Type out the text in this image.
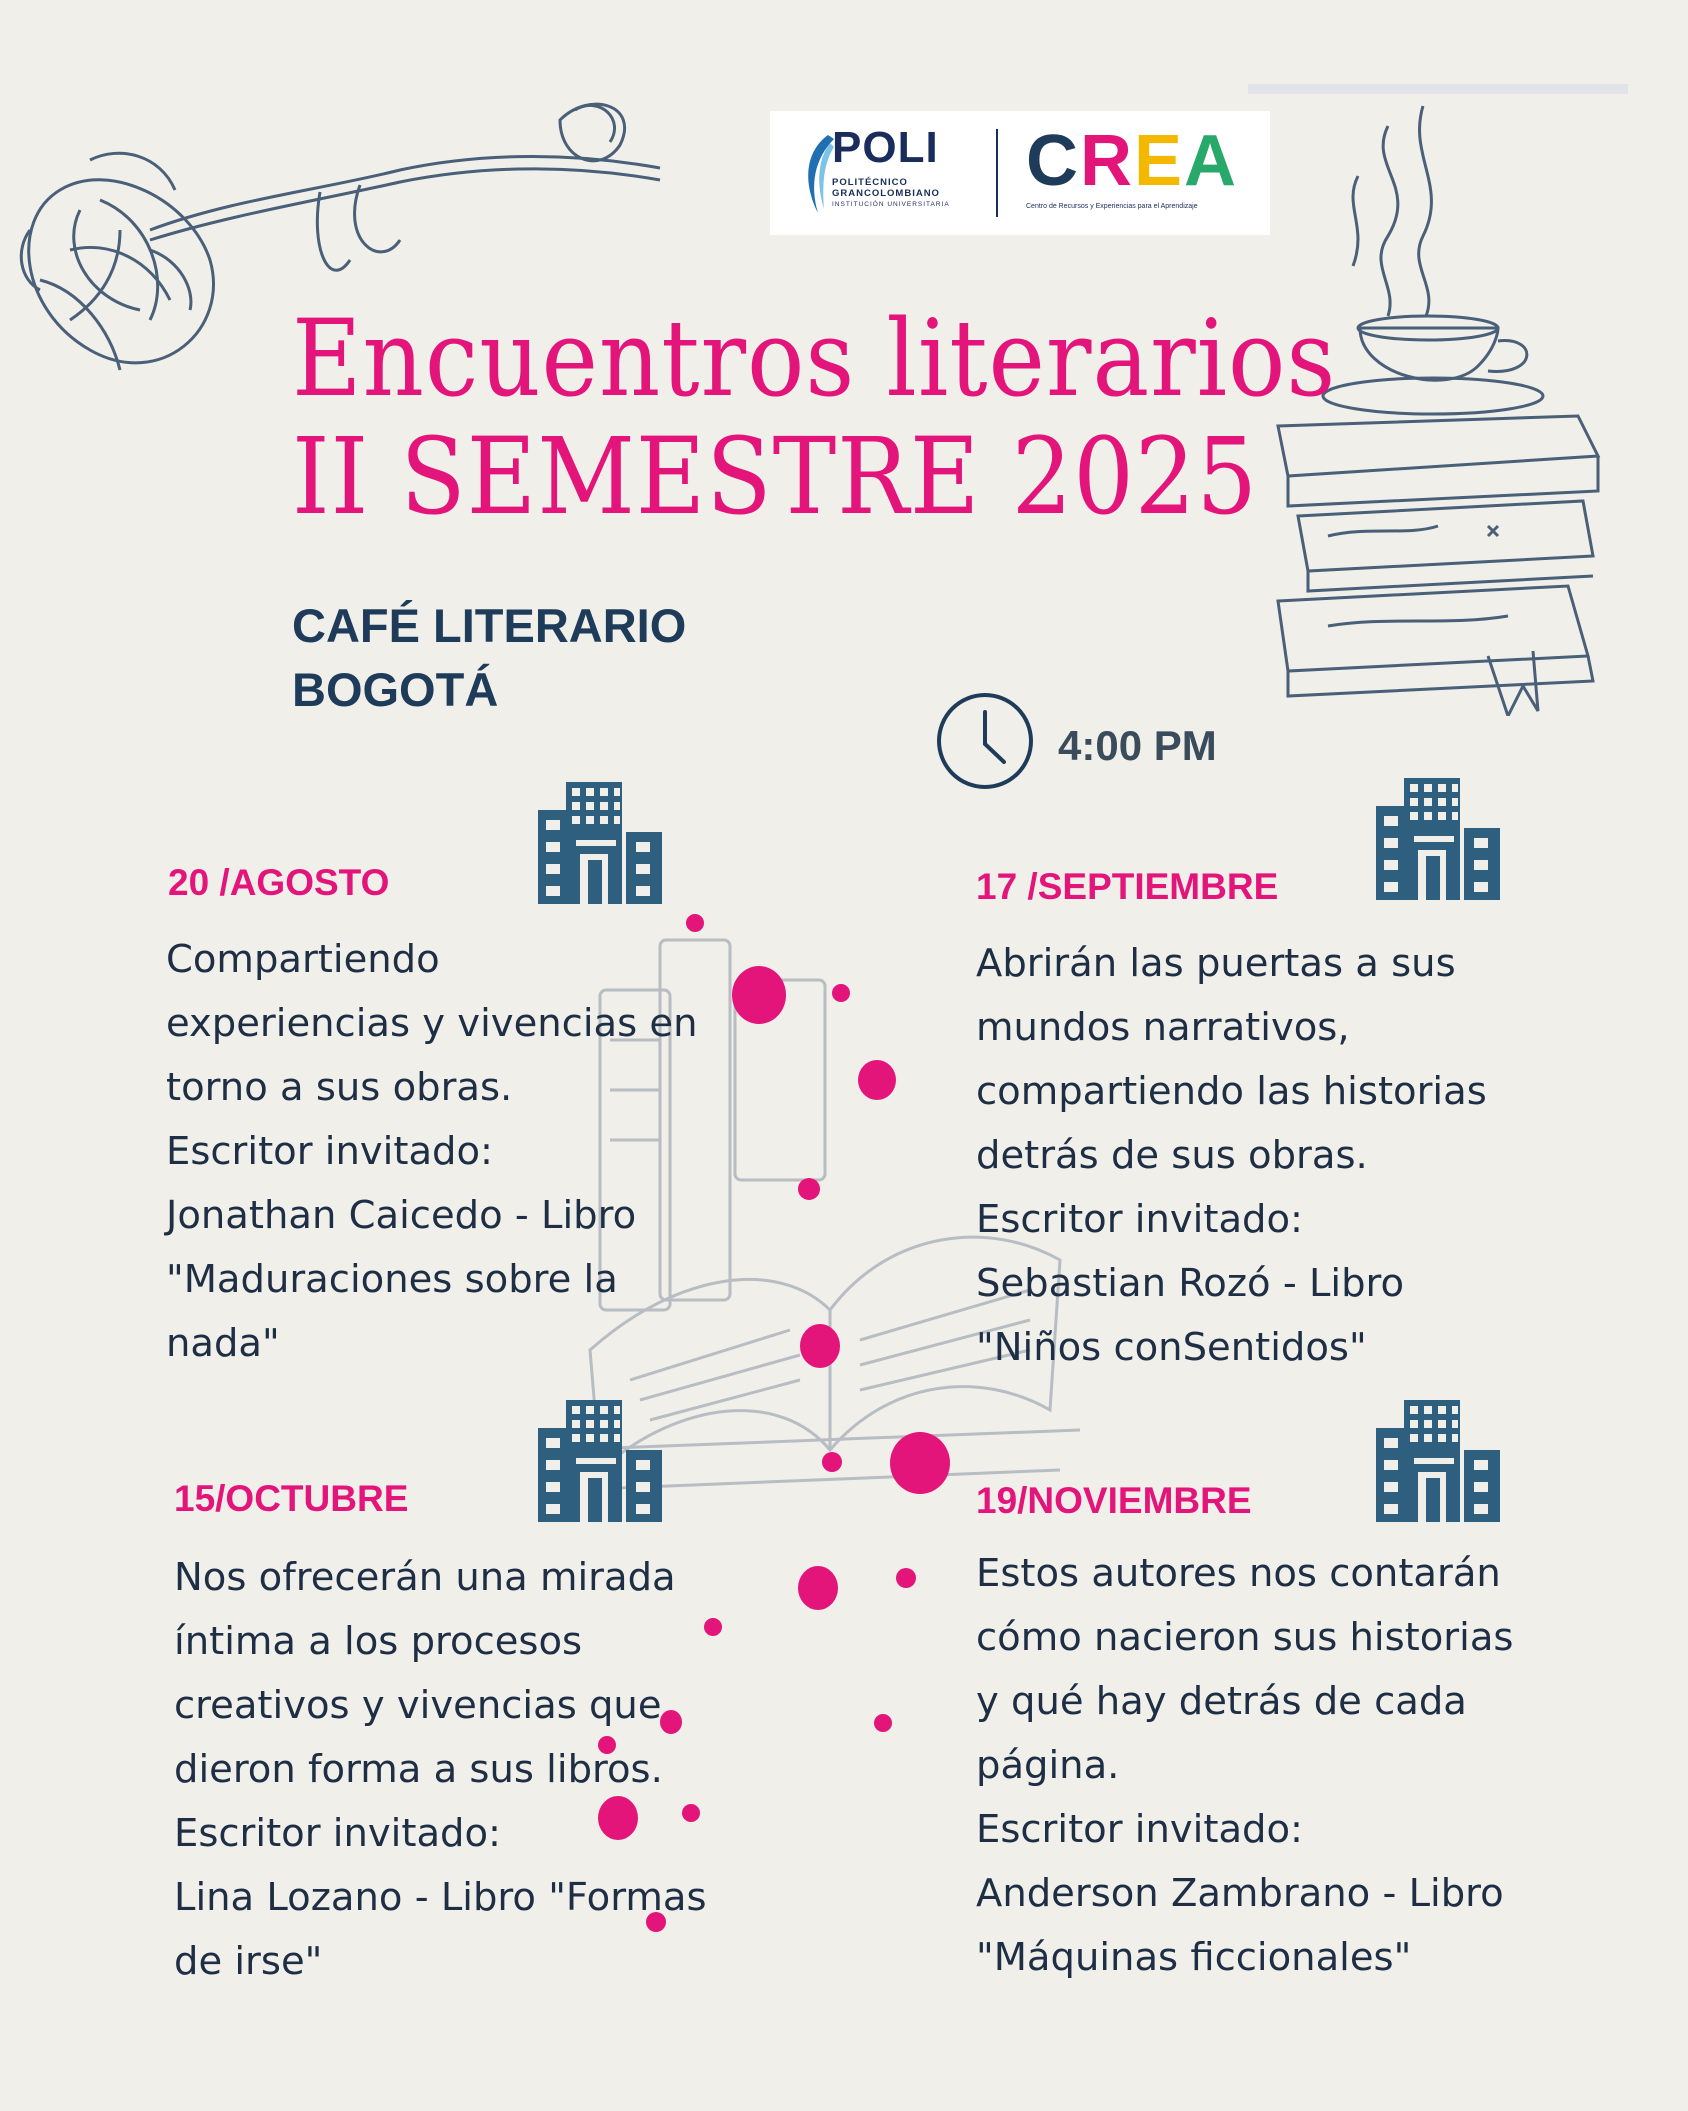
POLI
POLITÉCNICO
GRANCOLOMBIANO
INSTITUCIÓN UNIVERSITARIA
CREA
Centro de Recursos y Experiencias para el Aprendizaje
Encuentros literarios
II SEMESTRE 2025
CAFÉ LITERARIO
BOGOTÁ
4:00 PM
20 /AGOSTO

Compartiendo

experiencias y vivencias en

torno a sus obras.

Escritor invitado:

Jonathan Caicedo - Libro

"Maduraciones sobre la

nada"

17 /SEPTIEMBRE

Abrirán las puertas a sus

mundos narrativos,

compartiendo las historias

detrás de sus obras.

Escritor invitado:

Sebastian Rozó - Libro

"Niños conSentidos"

15/OCTUBRE

Nos ofrecerán una mirada

íntima a los procesos

creativos y vivencias que

dieron forma a sus libros.

Escritor invitado:

Lina Lozano - Libro "Formas

de irse"

19/NOVIEMBRE

Estos autores nos contarán

cómo nacieron sus historias

y qué hay detrás de cada

página.

Escritor invitado:

Anderson Zambrano - Libro

"Máquinas ficcionales"
